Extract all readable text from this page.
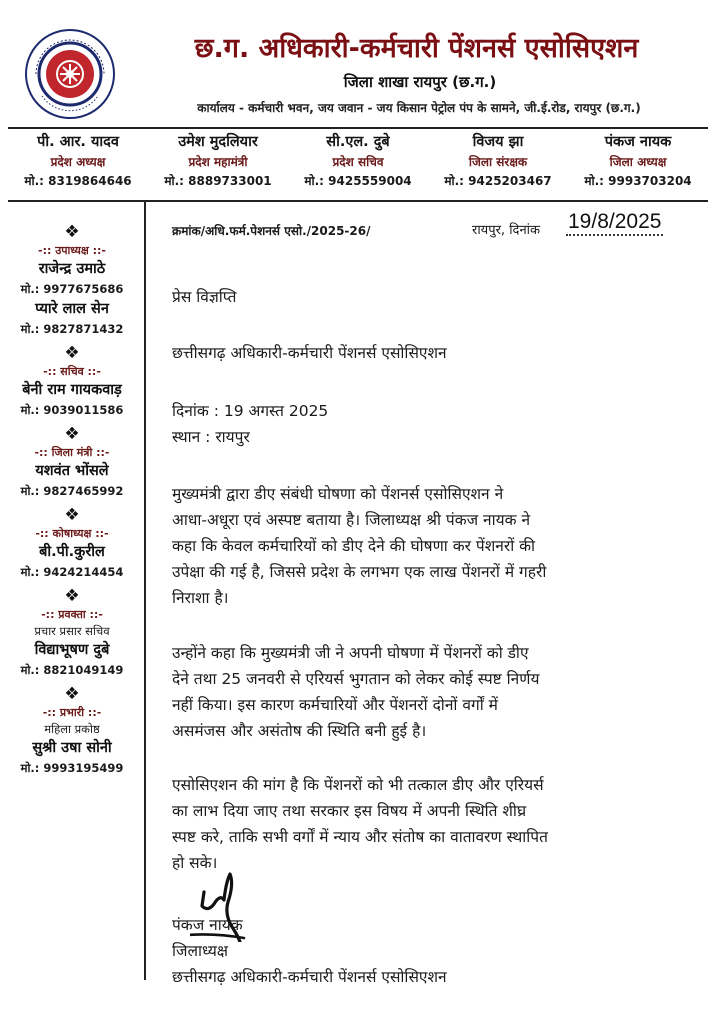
छ.ग. अधिकारी-कर्मचारी पेंशनर्स एसोसिएशन
जिला शाखा रायपुर (छ.ग.)
कार्यालय - कर्मचारी भवन, जय जवान - जय किसान पेट्रोल पंप के सामने, जी.ई.रोड, रायपुर (छ.ग.)
पी. आर. यादव
प्रदेश अध्यक्ष
मो.: 8319864646
उमेश मुदलियार
प्रदेश महामंत्री
मो.: 8889733001
सी.एल. दुबे
प्रदेश सचिव
मो.: 9425559004
विजय झा
जिला संरक्षक
मो.: 9425203467
पंकज नायक
जिला अध्यक्ष
मो.: 9993703204
❖
-:: उपाध्यक्ष ::-
राजेन्द्र उमाठे
मो.: 9977675686
प्यारे लाल सेन
मो.: 9827871432
❖
-:: सचिव ::-
बेनी राम गायकवाड़
मो.: 9039011586
❖
-:: जिला मंत्री ::-
यशवंत भोंसले
मो.: 9827465992
❖
-:: कोषाध्यक्ष ::-
बी.पी.कुरील
मो.: 9424214454
❖
-:: प्रवक्ता ::-
प्रचार प्रसार सचिव
विद्याभूषण दुबे
मो.: 8821049149
❖
-:: प्रभारी ::-
महिला प्रकोष्ठ
सुश्री उषा सोनी
मो.: 9993195499
क्रमांक/अधि.फर्म.पेशनर्स एसो./2025-26/	रायपुर, दिनांक 19/8/2025
प्रेस विज्ञप्ति
छत्तीसगढ़ अधिकारी-कर्मचारी पेंशनर्स एसोसिएशन
दिनांक : 19 अगस्त 2025
स्थान : रायपुर

मुख्यमंत्री द्वारा डीए संबंधी घोषणा को पेंशनर्स एसोसिएशन ने

आधा-अधूरा एवं अस्पष्ट बताया है। जिलाध्यक्ष श्री पंकज नायक ने

कहा कि केवल कर्मचारियों को डीए देने की घोषणा कर पेंशनरों की

उपेक्षा की गई है, जिससे प्रदेश के लगभग एक लाख पेंशनरों में गहरी

निराशा है।

उन्होंने कहा कि मुख्यमंत्री जी ने अपनी घोषणा में पेंशनरों को डीए

देने तथा 25 जनवरी से एरियर्स भुगतान को लेकर कोई स्पष्ट निर्णय

नहीं किया। इस कारण कर्मचारियों और पेंशनरों दोनों वर्गों में

असमंजस और असंतोष की स्थिति बनी हुई है।

एसोसिएशन की मांग है कि पेंशनरों को भी तत्काल डीए और एरियर्स

का लाभ दिया जाए तथा सरकार इस विषय में अपनी स्थिति शीघ्र

स्पष्ट करे, ताकि सभी वर्गों में न्याय और संतोष का वातावरण स्थापित

हो सके।

पंकज नायक
जिलाध्यक्ष
छत्तीसगढ़ अधिकारी-कर्मचारी पेंशनर्स एसोसिएशन
